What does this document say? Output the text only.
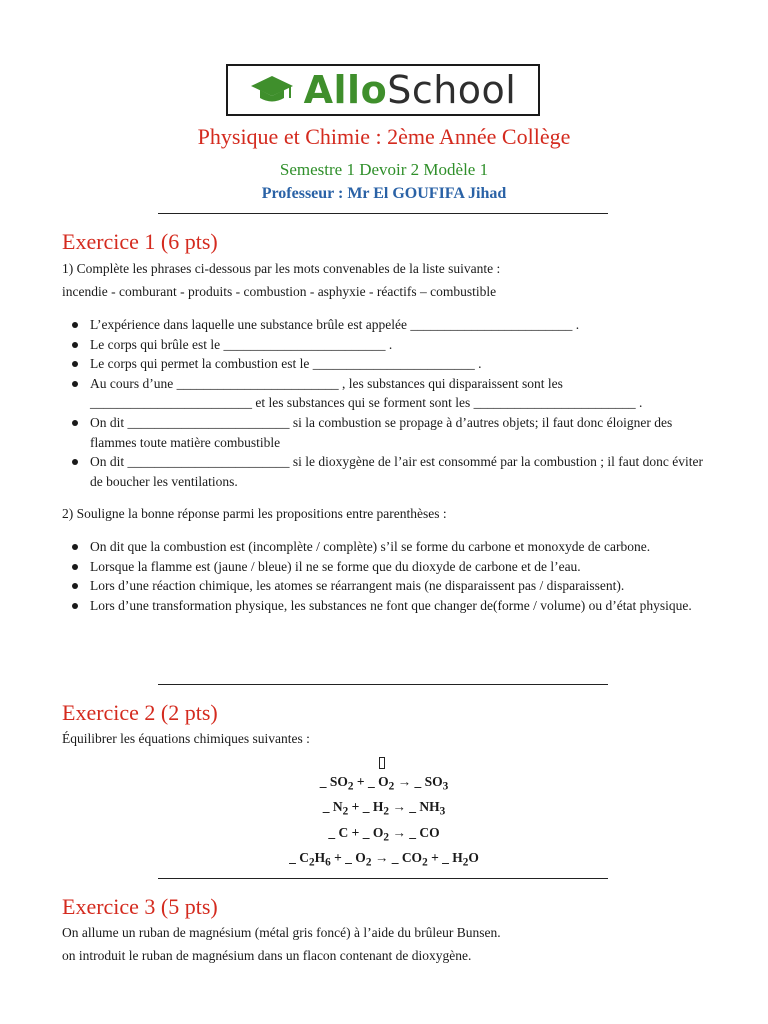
AlloSchool
Physique et Chimie : 2ème Année Collège
Semestre 1 Devoir 2 Modèle 1
Professeur : Mr El GOUFIFA Jihad
Exercice 1 (6 pts)
1) Complète les phrases ci-dessous par les mots convenables de la liste suivante :
incendie - comburant - produits - combustion - asphyxie - réactifs – combustible
L’expérience dans laquelle une substance brûle est appelée ________________________ .
Le corps qui brûle est le ________________________ .
Le corps qui permet la combustion est le ________________________ .
Au cours d’une ________________________ , les substances qui disparaissent sont les ________________________ et les substances qui se forment sont les ________________________ .
On dit ________________________ si la combustion se propage à d’autres objets; il faut donc éloigner des flammes toute matière combustible
On dit ________________________ si le dioxygène de l’air est consommé par la combustion ; il faut donc éviter de boucher les ventilations.
2) Souligne la bonne réponse parmi les propositions entre parenthèses :
On dit que la combustion est (incomplète / complète) s’il se forme du carbone et monoxyde de carbone.
Lorsque la flamme est (jaune / bleue) il ne se forme que du dioxyde de carbone et de l’eau.
Lors d’une réaction chimique, les atomes se réarrangent mais (ne disparaissent pas / disparaissent).
Lors d’une transformation physique, les substances ne font que changer de(forme / volume) ou d’état physique.
Exercice 2 (2 pts)
Équilibrer les équations chimiques suivantes :
_ $SO_2$ + _ $O_2$ → _ $SO_3$
_ $N_2$ + _ $H_2$ → _ $NH_3$
_ C + _ $O_2$ → _ CO
_ $C_2H_6$ + _ $O_2$ → _ $CO_2$ + _ $H_2O$
Exercice 3 (5 pts)
On allume un ruban de magnésium (métal gris foncé) à l’aide du brûleur Bunsen.
on introduit le ruban de magnésium dans un flacon contenant de dioxygène.
